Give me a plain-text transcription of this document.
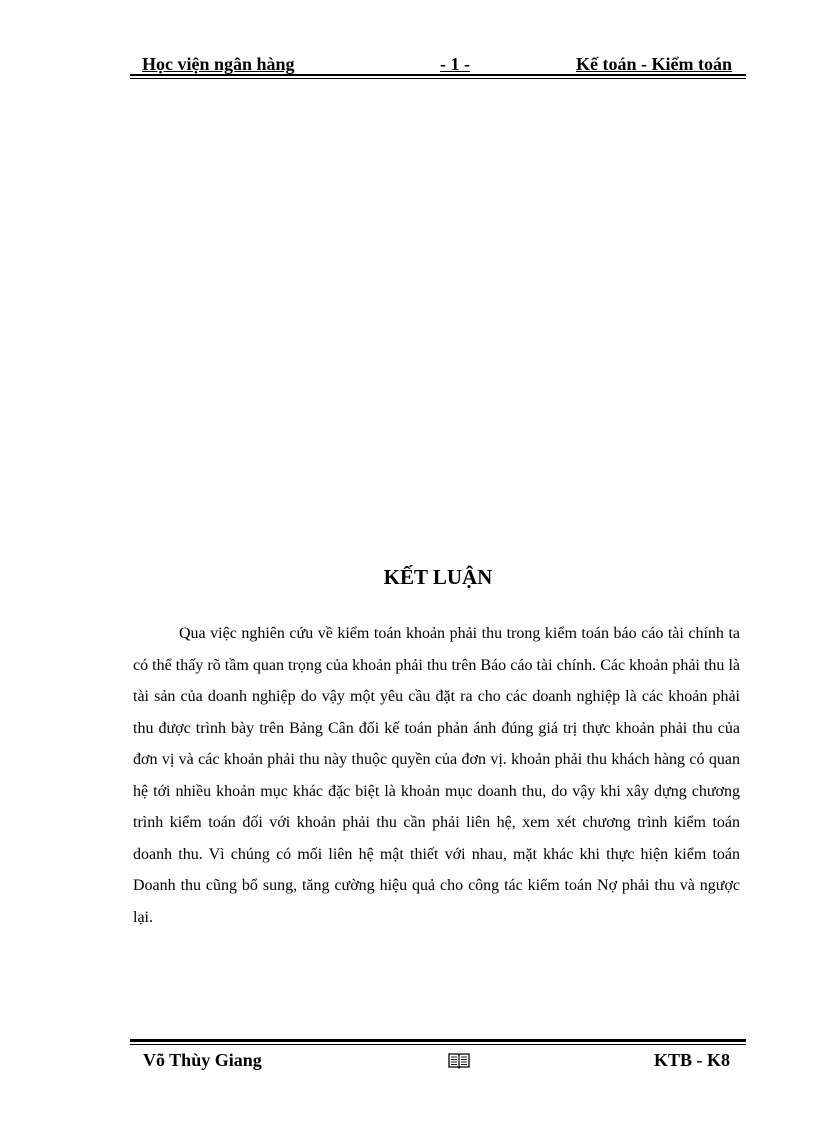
Học viện ngân hàng	- 1 -	Kế toán - Kiểm toán
KẾT LUẬN

Qua việc nghiên cứu về kiểm toán khoản phải thu trong kiểm toán báo cáo tài chính ta có thể thấy rõ tầm quan trọng của khoản phải thu trên Báo cáo tài chính. Các khoản phải thu là tài sản của doanh nghiệp do vậy một yêu cầu đặt ra cho các doanh nghiệp là các khoản phải thu được trình bày trên Bảng Cân đối kế toán phản ánh đúng giá trị thực khoản phải thu của đơn vị và các khoản phải thu này thuộc quyền của đơn vị. khoản phải thu khách hàng có quan hệ tới nhiều khoản mục khác đặc biệt là khoản mục doanh thu, do vậy khi xây dựng chương trình kiểm toán đối với khoản phải thu cần phải liên hệ, xem xét chương trình kiểm toán doanh thu. Vì chúng có mối liên hệ mật thiết với nhau, mặt khác khi thực hiện kiểm toán Doanh thu cũng bổ sung, tăng cường hiệu quả cho công tác kiểm toán Nợ phải thu và ngược lại.

Võ Thùy Giang	KTB - K8
